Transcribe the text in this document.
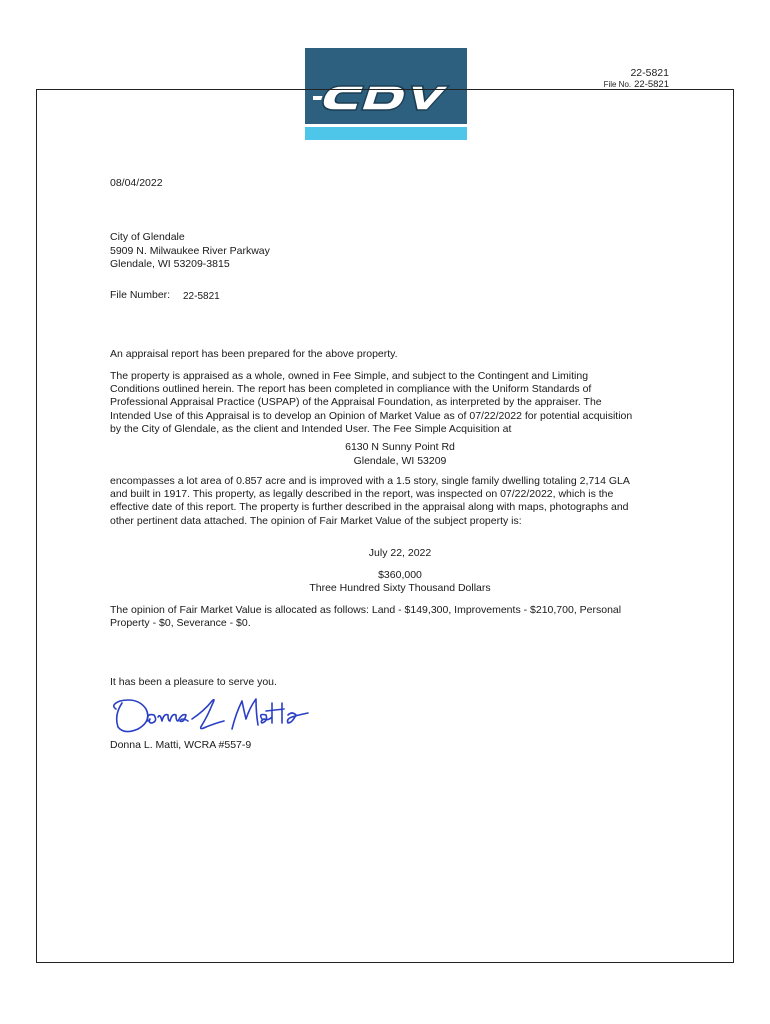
22-5821
File No. 22-5821
08/04/2022
City of Glendale
5909 N. Milwaukee River Parkway
Glendale, WI 53209-3815
File Number: 22-5821
An appraisal report has been prepared for the above property.
The property is appraised as a whole, owned in Fee Simple, and subject to the Contingent and Limiting
Conditions outlined herein. The report has been completed in compliance with the Uniform Standards of
Professional Appraisal Practice (USPAP) of the Appraisal Foundation, as interpreted by the appraiser. The
Intended Use of this Appraisal is to develop an Opinion of Market Value as of 07/22/2022 for potential acquisition
by the City of Glendale, as the client and Intended User. The Fee Simple Acquisition at
6130 N Sunny Point Rd
Glendale, WI 53209
encompasses a lot area of 0.857 acre and is improved with a 1.5 story, single family dwelling totaling 2,714 GLA
and built in 1917. This property, as legally described in the report, was inspected on 07/22/2022, which is the
effective date of this report. The property is further described in the appraisal along with maps, photographs and
other pertinent data attached. The opinion of Fair Market Value of the subject property is:
July 22, 2022
$360,000
Three Hundred Sixty Thousand Dollars
The opinion of Fair Market Value is allocated as follows: Land - $149,300, Improvements - $210,700, Personal
Property - $0, Severance - $0.
It has been a pleasure to serve you.
Donna L. Matti, WCRA #557-9
